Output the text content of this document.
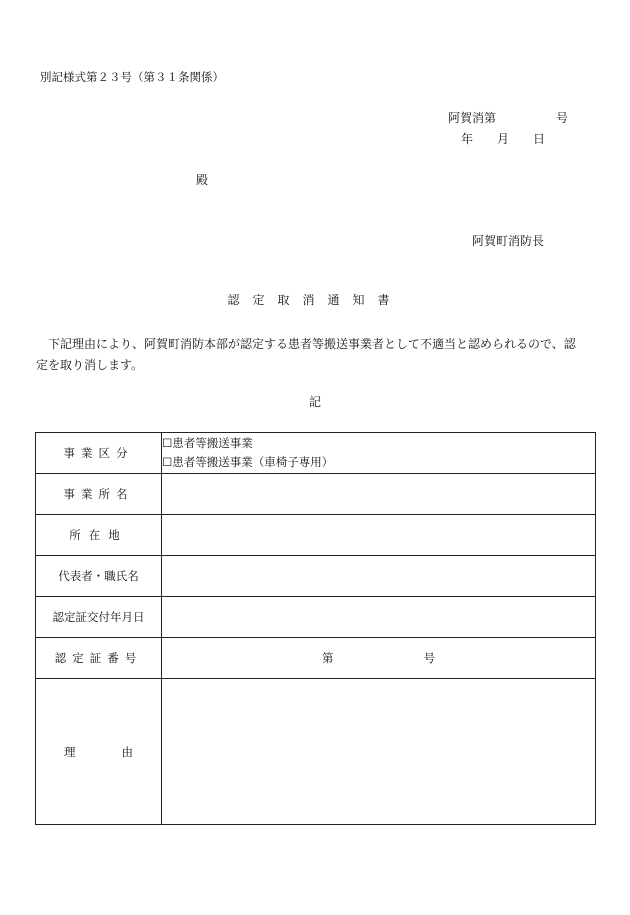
別記様式第２３号（第３１条関係）
阿賀消第	号
年 月 日
殿
阿賀町消防長
認定取消通知書
下記理由により、阿賀町消防本部が認定する患者等搬送事業者として不適当と認められるので、認定を取り消します。
記
事業区分	☐患者等搬送事業
☐患者等搬送事業（車椅子専用）

事業所名	
所在地	
代表者・職氏名	
認定証交付年月日	
認定証番号	第 号
理 由	
